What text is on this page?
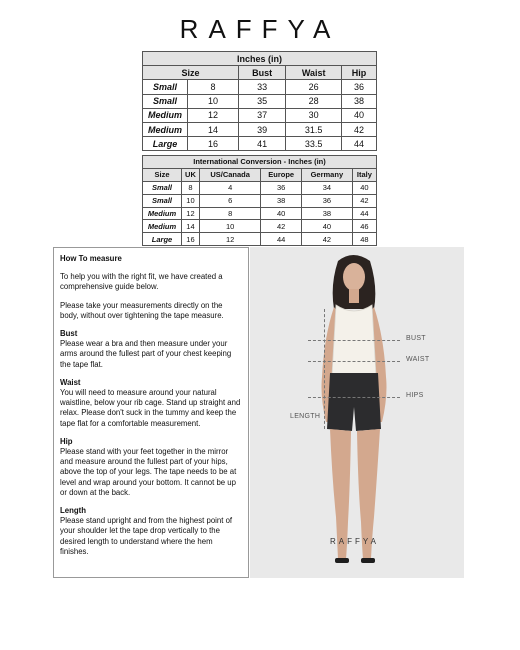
RAFFYA
Inches (in)				
Size		Bust	Waist	Hip
Small	8	33	26	36
Small	10	35	28	38
Medium	12	37	30	40
Medium	14	39	31.5	42
Large	16	41	33.5	44
International Conversion - Inches (in)					
Size	UK	US/Canada	Europe	Germany	Italy
Small	8	4	36	34	40
Small	10	6	38	36	42
Medium	12	8	40	38	44
Medium	14	10	42	40	46
Large	16	12	44	42	48

How To measure

To help you with the right fit, we have created a comprehensive guide below.

Please take your measurements directly on the body, without over tightening the tape measure.

Bust

Please wear a bra and then measure under your arms around the fullest part of your chest keeping the tape flat.

Waist

You will need to measure around your natural waistline, below your rib cage. Stand up straight and relax. Please don't suck in the tummy and keep the tape flat for a comfortable measurement.

Hip

Please stand with your feet together in the mirror and measure around the fullest part of your hips, above the top of your legs. The tape needs to be at level and wrap around your bottom. It cannot be up or down at the back.

Length

Please stand upright and from the highest point of your shoulder let the tape drop vertically to the desired length to understand where the hem finishes.

BUST
WAIST
HIPS
LENGTH
RAFFYA
